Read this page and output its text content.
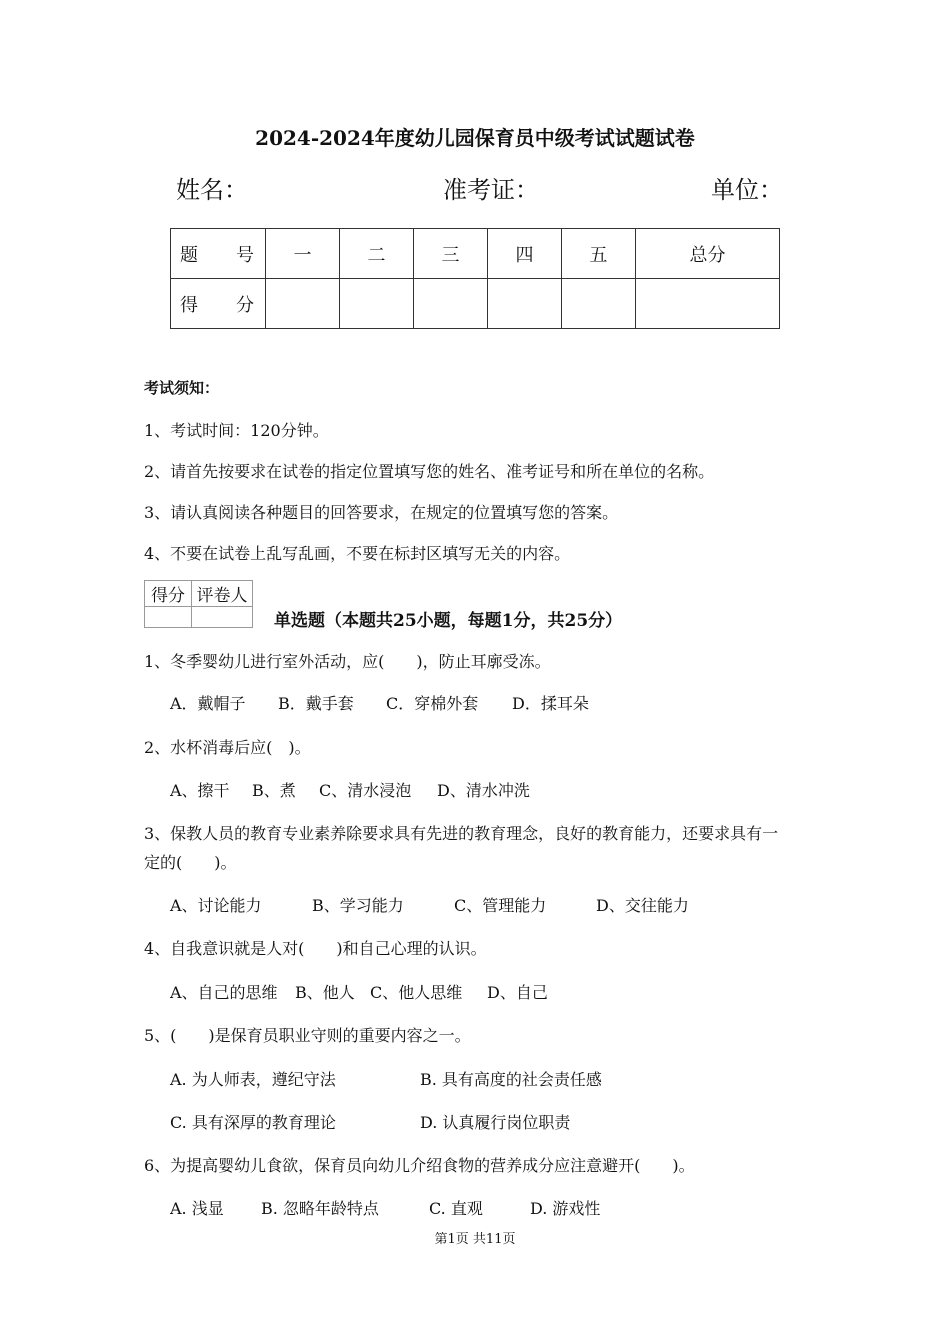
2024-2024年度幼儿园保育员中级考试试题试卷
姓名：	准考证：	单位：
题　号	一	二	三	四	五	总分
得　分						
考试须知：
1、考试时间：120分钟。
2、请首先按要求在试卷的指定位置填写您的姓名、准考证号和所在单位的名称。
3、请认真阅读各种题目的回答要求，在规定的位置填写您的答案。
4、不要在试卷上乱写乱画，不要在标封区填写无关的内容。
得分	评卷人

单选题（本题共25小题，每题1分，共25分）
1、冬季婴幼儿进行室外活动，应(　　)，防止耳廓受冻。
A．戴帽子 B．戴手套 C．穿棉外套 D．揉耳朵
2、水杯消毒后应(　)。
A、擦干 B、煮 C、清水浸泡 D、清水冲洗
3、保教人员的教育专业素养除要求具有先进的教育理念，良好的教育能力，还要求具有一
定的(　　)。
A、讨论能力	B、学习能力	C、管理能力	D、交往能力
4、自我意识就是人对(　　)和自己心理的认识。
A、自己的思维 B、他人 C、他人思维 D、自己
5、(　　)是保育员职业守则的重要内容之一。
A. 为人师表，遵纪守法	B. 具有高度的社会责任感
C. 具有深厚的教育理论	D. 认真履行岗位职责
6、为提高婴幼儿食欲，保育员向幼儿介绍食物的营养成分应注意避开(　　)。
A. 浅显 B. 忽略年龄特点	C. 直观	D. 游戏性
第1页 共11页
